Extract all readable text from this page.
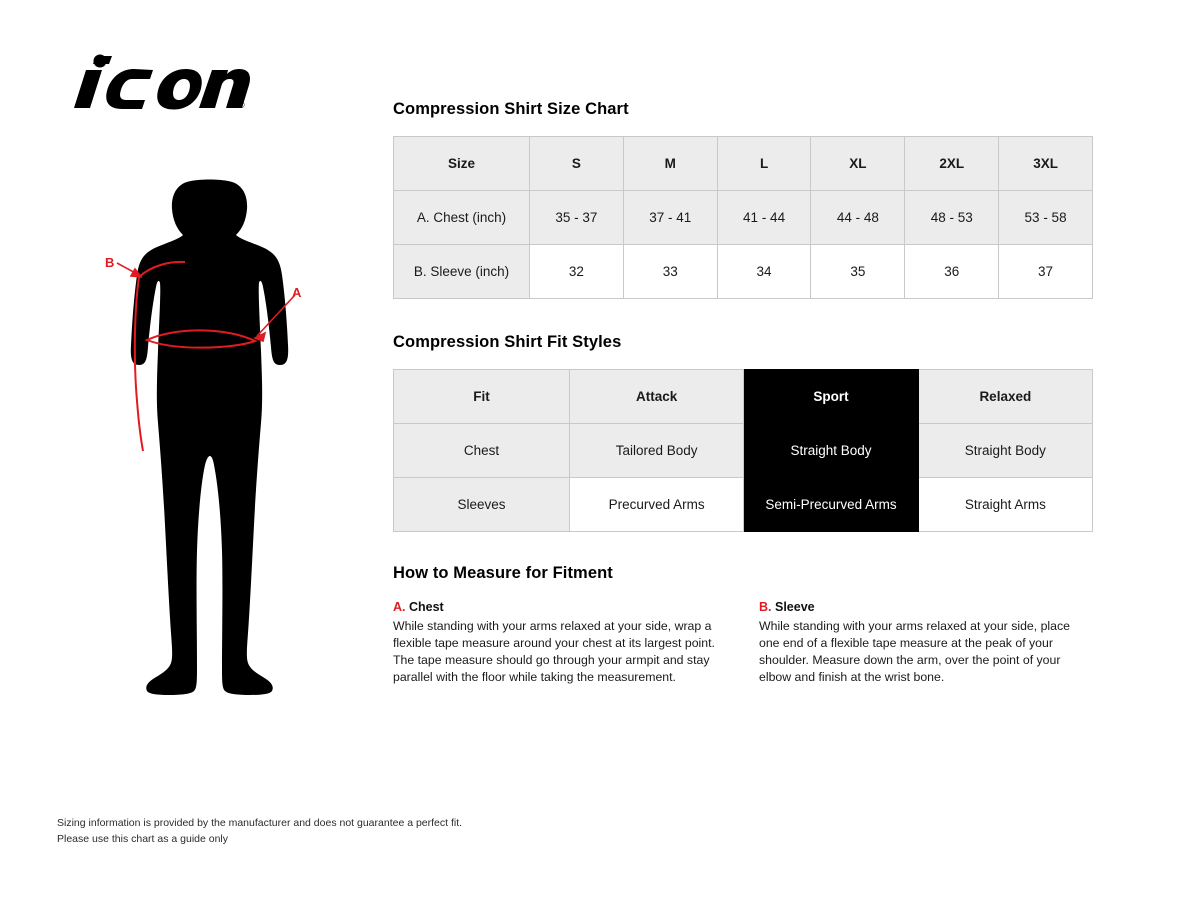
®
B
A
Compression Shirt Size Chart
Size	S	M	L	XL	2XL	3XL
A. Chest (inch)	35 - 37	37 - 41	41 - 44	44 - 48	48 - 53	53 - 58
B. Sleeve (inch)	32	33	34	35	36	37
Compression Shirt Fit Styles
Fit	Attack	Sport	Relaxed
Chest	Tailored Body	Straight Body	Straight Body
Sleeves	Precurved Arms	Semi-Precurved Arms	Straight Arms
How to Measure for Fitment
A. Chest
While standing with your arms relaxed at your side, wrap a flexible tape measure around your chest at its largest point. The tape measure should go through your armpit and stay parallel with the floor while taking the measurement.
B. Sleeve
While standing with your arms relaxed at your side, place one end of a flexible tape measure at the peak of your shoulder. Measure down the arm, over the point of your elbow and finish at the wrist bone.
Sizing information is provided by the manufacturer and does not guarantee a perfect fit.
Please use this chart as a guide only
